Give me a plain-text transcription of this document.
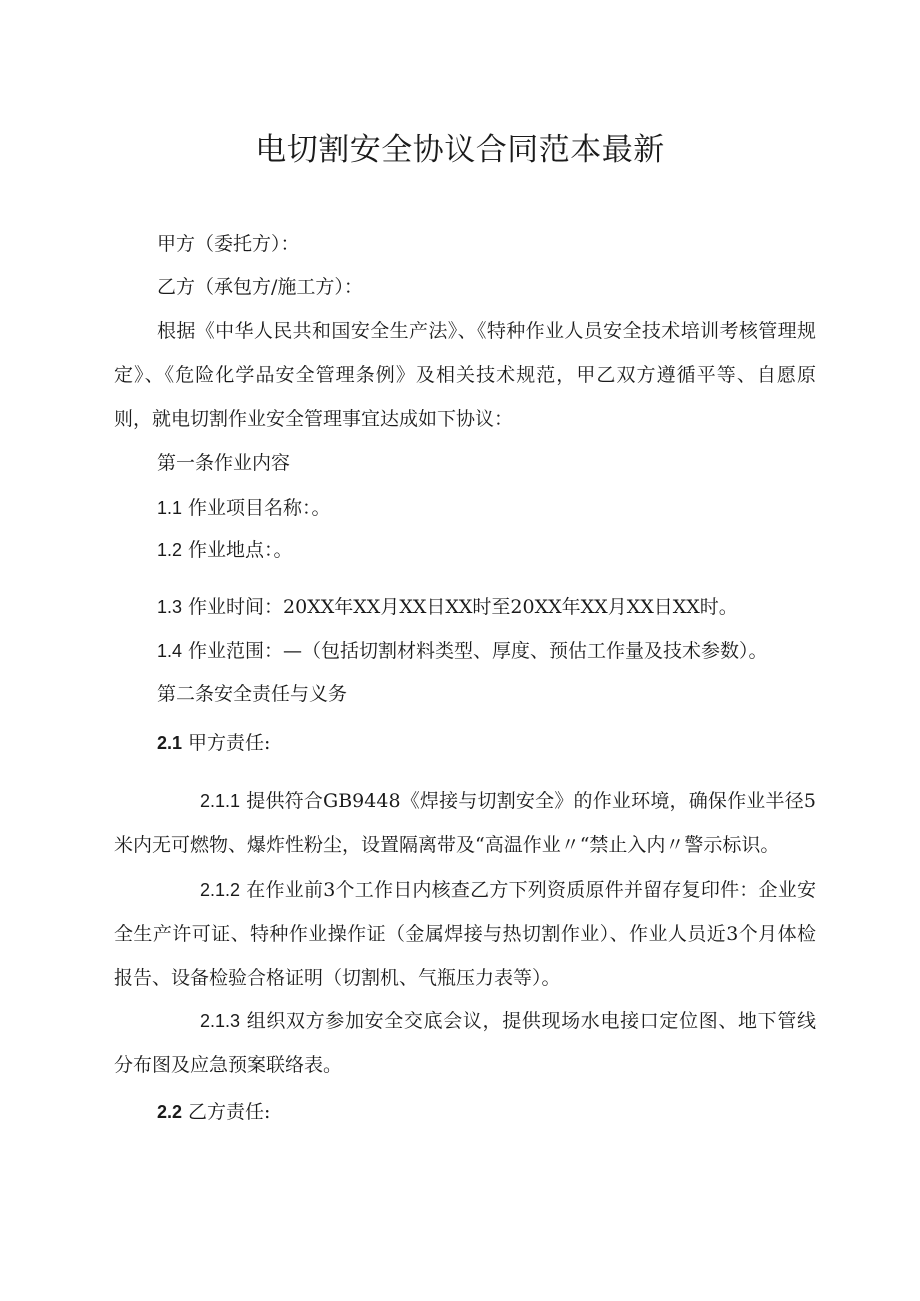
电切割安全协议合同范本最新
甲方（委托方）：
乙方（承包方/施工方）：

根据《中华人民共和国安全生产法》、《特种作业人员安全技术培训考核管理规定》、《危险化学品安全管理条例》及相关技术规范，甲乙双方遵循平等、自愿原则，就电切割作业安全管理事宜达成如下协议：

第一条作业内容
1.1 作业项目名称：。
1.2 作业地点：。
1.3 作业时间：20XX年XX月XX日XX时至20XX年XX月XX日XX时。
1.4 作业范围：—（包括切割材料类型、厚度、预估工作量及技术参数）。
第二条安全责任与义务
2.1 甲方责任:

2.1.1 提供符合GB9448《焊接与切割安全》的作业环境，确保作业半径5米内无可燃物、爆炸性粉尘，设置隔离带及“高温作业〃“禁止入内〃警示标识。

2.1.2 在作业前3个工作日内核查乙方下列资质原件并留存复印件：企业安全生产许可证、特种作业操作证（金属焊接与热切割作业）、作业人员近3个月体检报告、设备检验合格证明（切割机、气瓶压力表等）。

2.1.3 组织双方参加安全交底会议，提供现场水电接口定位图、地下管线分布图及应急预案联络表。

2.2 乙方责任:
